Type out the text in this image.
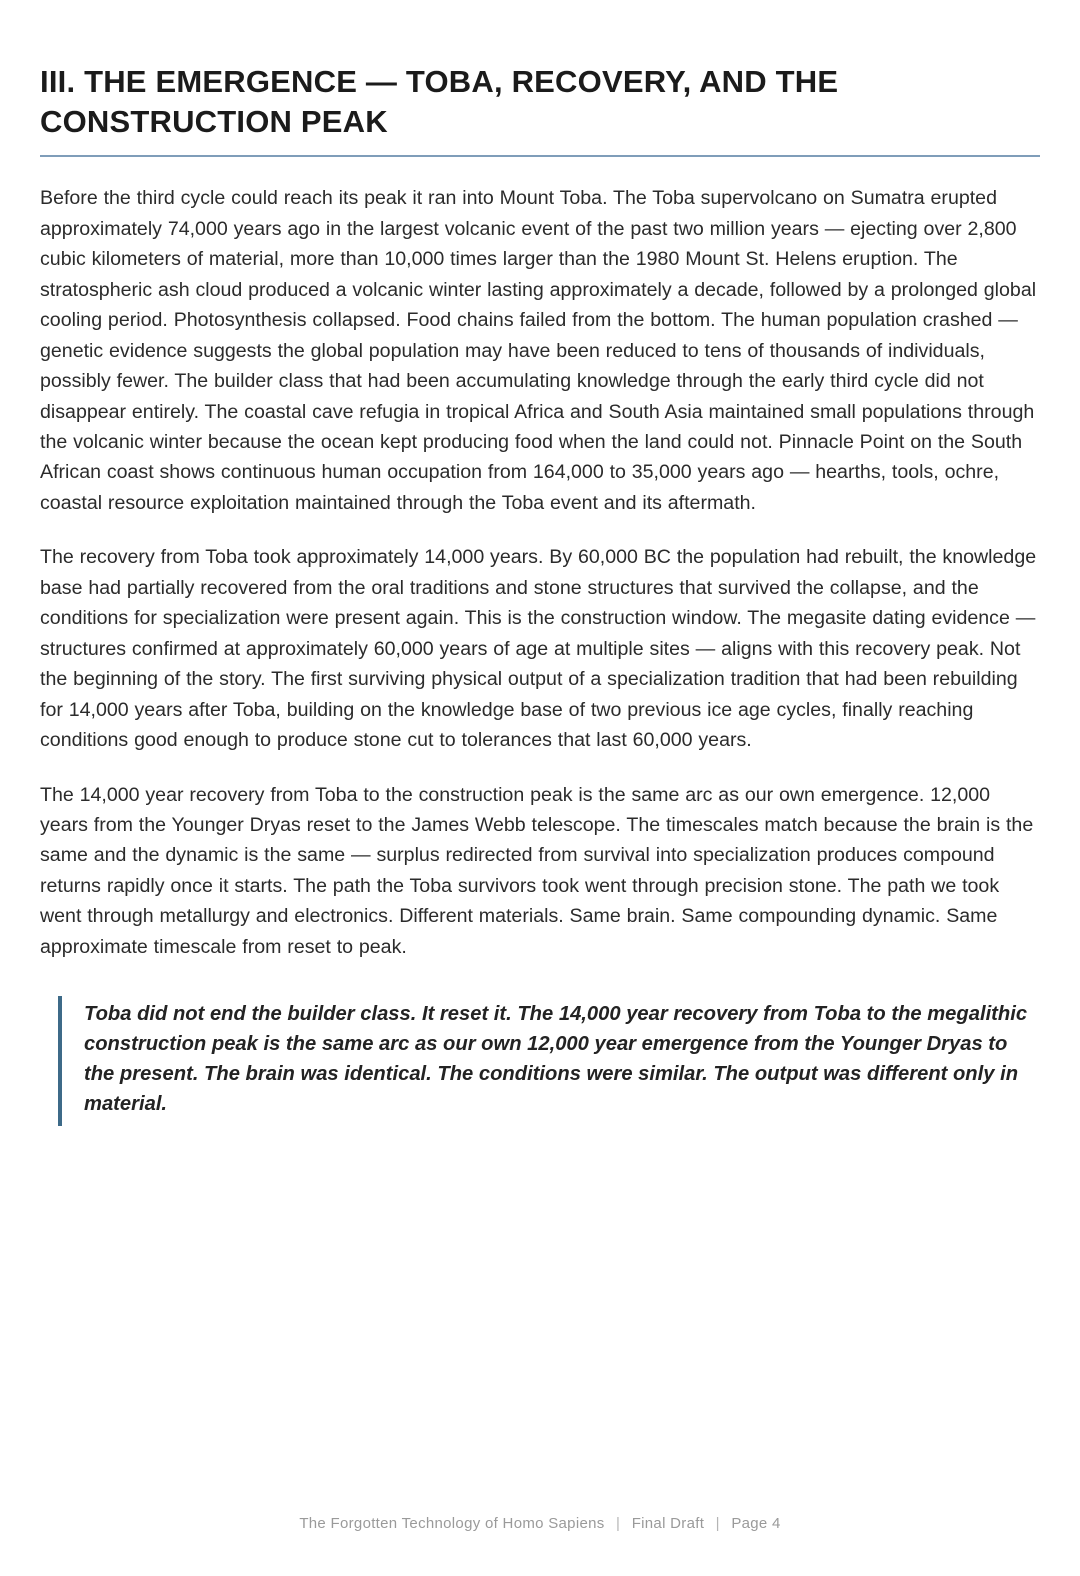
III. THE EMERGENCE — TOBA, RECOVERY, AND THE CONSTRUCTION PEAK

Before the third cycle could reach its peak it ran into Mount Toba. The Toba supervolcano on Sumatra erupted approximately 74,000 years ago in the largest volcanic event of the past two million years — ejecting over 2,800 cubic kilometers of material, more than 10,000 times larger than the 1980 Mount St. Helens eruption. The stratospheric ash cloud produced a volcanic winter lasting approximately a decade, followed by a prolonged global cooling period. Photosynthesis collapsed. Food chains failed from the bottom. The human population crashed — genetic evidence suggests the global population may have been reduced to tens of thousands of individuals, possibly fewer. The builder class that had been accumulating knowledge through the early third cycle did not disappear entirely. The coastal cave refugia in tropical Africa and South Asia maintained small populations through the volcanic winter because the ocean kept producing food when the land could not. Pinnacle Point on the South African coast shows continuous human occupation from 164,000 to 35,000 years ago — hearths, tools, ochre, coastal resource exploitation maintained through the Toba event and its aftermath.

The recovery from Toba took approximately 14,000 years. By 60,000 BC the population had rebuilt, the knowledge base had partially recovered from the oral traditions and stone structures that survived the collapse, and the conditions for specialization were present again. This is the construction window. The megasite dating evidence — structures confirmed at approximately 60,000 years of age at multiple sites — aligns with this recovery peak. Not the beginning of the story. The first surviving physical output of a specialization tradition that had been rebuilding for 14,000 years after Toba, building on the knowledge base of two previous ice age cycles, finally reaching conditions good enough to produce stone cut to tolerances that last 60,000 years.

The 14,000 year recovery from Toba to the construction peak is the same arc as our own emergence. 12,000 years from the Younger Dryas reset to the James Webb telescope. The timescales match because the brain is the same and the dynamic is the same — surplus redirected from survival into specialization produces compound returns rapidly once it starts. The path the Toba survivors took went through precision stone. The path we took went through metallurgy and electronics. Different materials. Same brain. Same compounding dynamic. Same approximate timescale from reset to peak.

Toba did not end the builder class. It reset it. The 14,000 year recovery from Toba to the megalithic construction peak is the same arc as our own 12,000 year emergence from the Younger Dryas to the present. The brain was identical. The conditions were similar. The output was different only in material.

The Forgotten Technology of Homo Sapiens | Final Draft | Page 4
